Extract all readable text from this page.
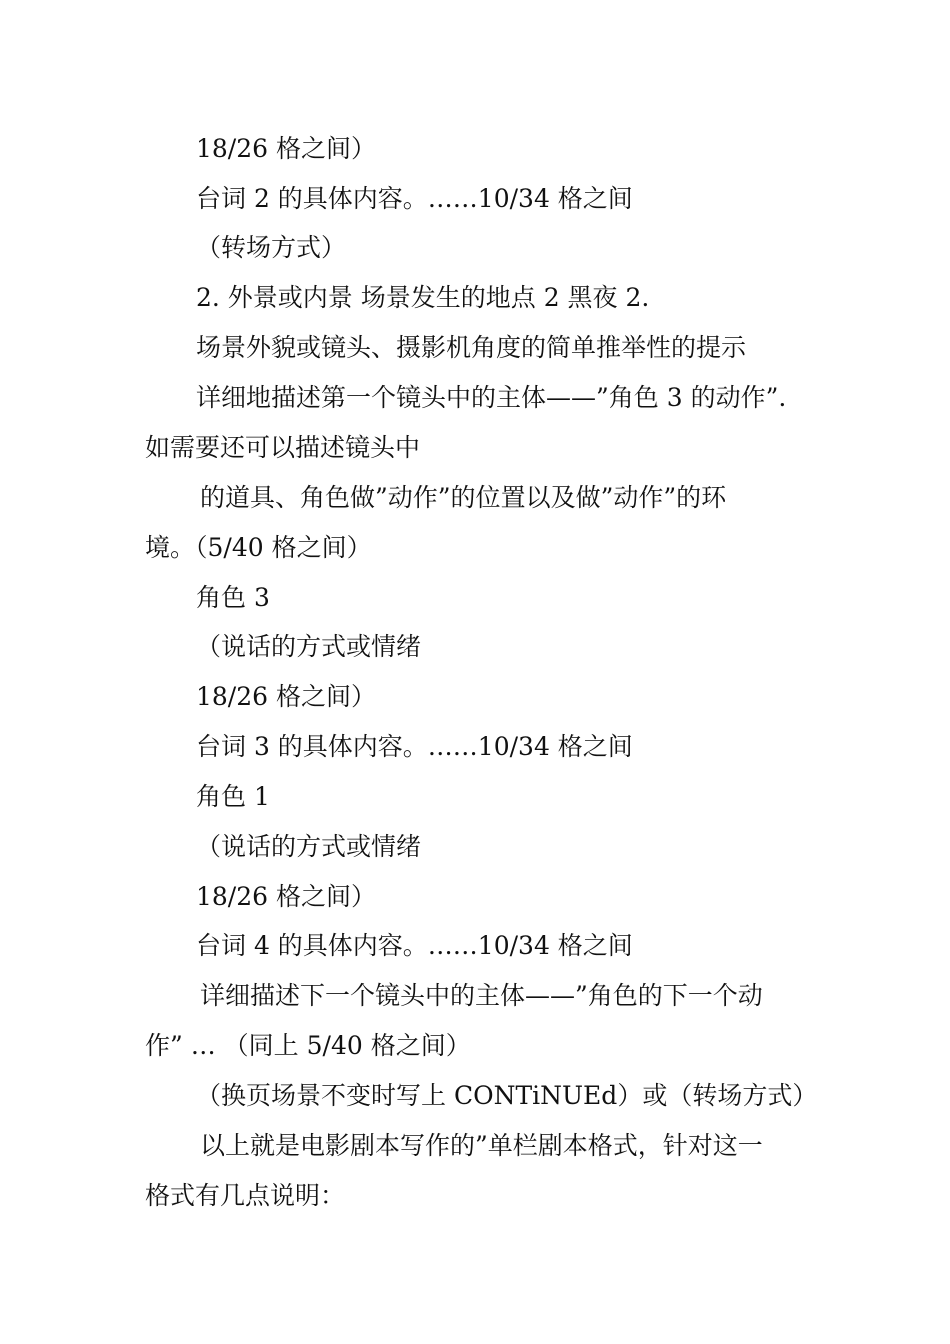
18/26 格之间）

台词 2 的具体内容。……10/34 格之间

（转场方式）

2. 外景或内景 场景发生的地点 2 黑夜 2.

场景外貌或镜头、摄影机角度的简单推举性的提示

详细地描述第一个镜头中的主体——”角色 3 的动作”.

如需要还可以描述镜头中

的道具、角色做”动作”的位置以及做”动作”的环

境。（5/40 格之间）

角色 3

（说话的方式或情绪

18/26 格之间）

台词 3 的具体内容。……10/34 格之间

角色 1

（说话的方式或情绪

18/26 格之间）

台词 4 的具体内容。……10/34 格之间

详细描述下一个镜头中的主体——”角色的下一个动

作” … （同上 5/40 格之间）

（换页场景不变时写上 CONTiNUEd）或（转场方式）

以上就是电影剧本写作的”单栏剧本格式，针对这一

格式有几点说明：
